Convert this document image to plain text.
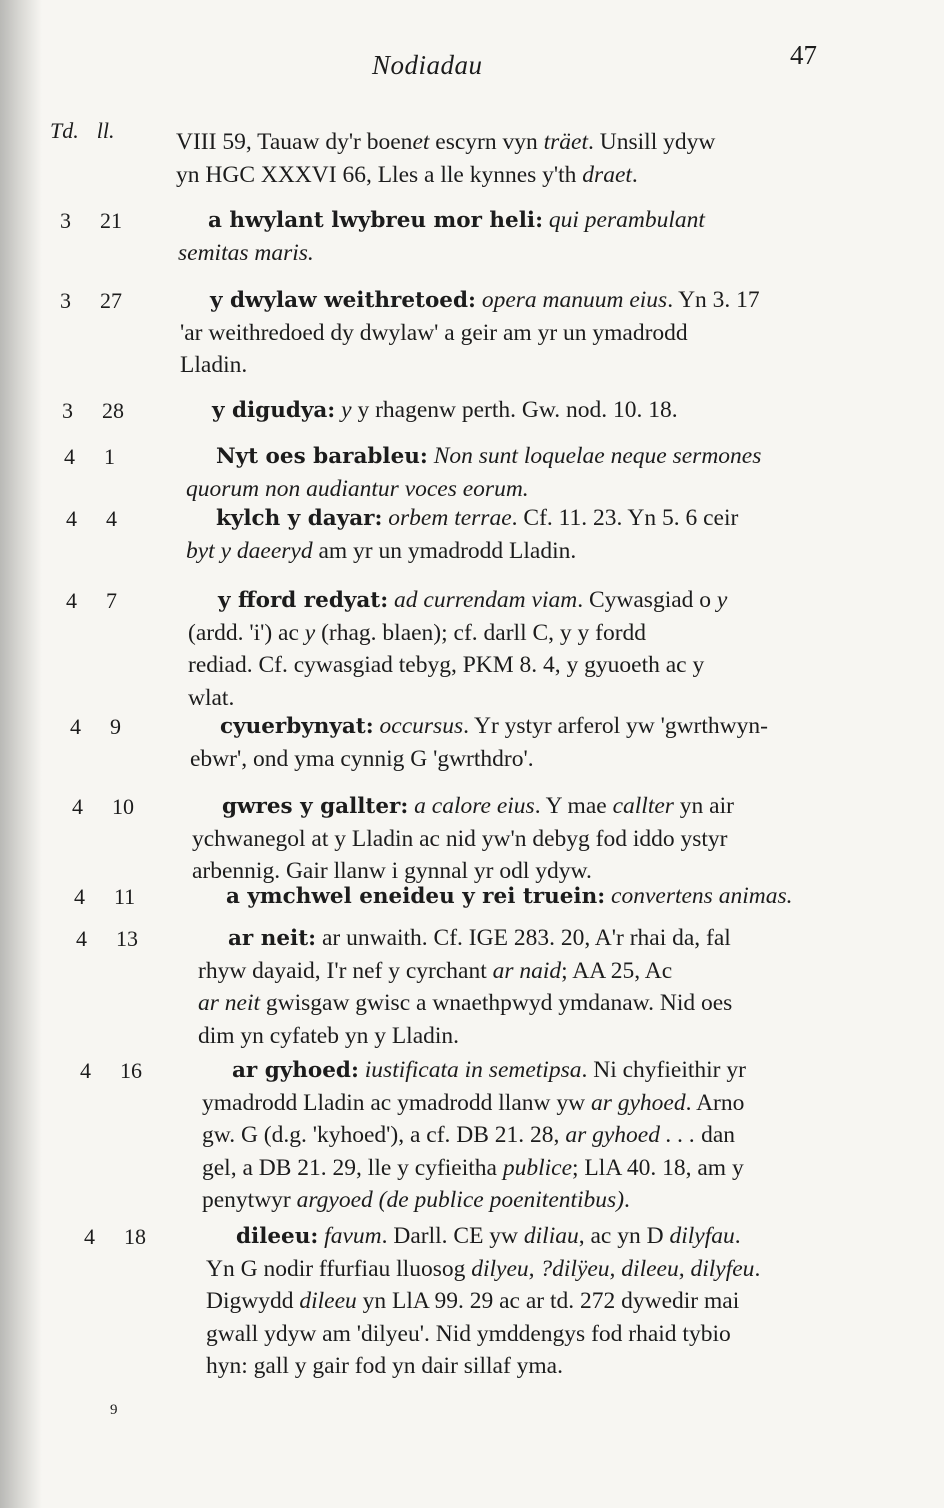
Nodiadau	47
Td. ll.	VIII 59, Tauaw dy'r boenet escyrn vyn träet. Unsill ydyw
yn HGC XXXVI 66, Lles a lle kynnes y'th draet.
3 21	a hwylant lwybreu mor heli: qui perambulant
semitas maris.
3 27	y dwylaw weithretoed: opera manuum eius. Yn 3. 17
'ar weithredoed dy dwylaw' a geir am yr un ymadrodd
Lladin.
3 28	y digudya: y y rhagenw perth. Gw. nod. 10. 18.
4 1	Nyt oes barableu: Non sunt loquelae neque sermones
quorum non audiantur voces eorum.
4 4	kylch y dayar: orbem terrae. Cf. 11. 23. Yn 5. 6 ceir
byt y daeeryd am yr un ymadrodd Lladin.
4 7	y fford redyat: ad currendam viam. Cywasgiad o y
(ardd. 'i') ac y (rhag. blaen); cf. darll C, y y fordd
rediad. Cf. cywasgiad tebyg, PKM 8. 4, y gyuoeth ac y
wlat.
4 9	cyuerbynyat: occursus. Yr ystyr arferol yw 'gwrthwyn-
ebwr', ond yma cynnig G 'gwrthdro'.
4 10	gwres y gallter: a calore eius. Y mae callter yn air
ychwanegol at y Lladin ac nid yw'n debyg fod iddo ystyr
arbennig. Gair llanw i gynnal yr odl ydyw.
4 11	a ymchwel eneideu y rei truein: convertens animas.
4 13	ar neit: ar unwaith. Cf. IGE 283. 20, A'r rhai da, fal
rhyw dayaid, I'r nef y cyrchant ar naid; AA 25, Ac
ar neit gwisgaw gwisc a wnaethpwyd ymdanaw. Nid oes
dim yn cyfateb yn y Lladin.
4 16	ar gyhoed: iustificata in semetipsa. Ni chyfieithir yr
ymadrodd Lladin ac ymadrodd llanw yw ar gyhoed. Arno
gw. G (d.g. 'kyhoed'), a cf. DB 21. 28, ar gyhoed . . . dan
gel, a DB 21. 29, lle y cyfieitha publice; LlA 40. 18, am y
penytwyr argyoed (de publice poenitentibus).
4 18	dileeu: favum. Darll. CE yw diliau, ac yn D dilyfau.
Yn G nodir ffurfiau lluosog dilyeu, ?dilÿeu, dileeu, dilyfeu.
Digwydd dileeu yn LlA 99. 29 ac ar td. 272 dywedir mai
gwall ydyw am 'dilyeu'. Nid ymddengys fod rhaid tybio
hyn: gall y gair fod yn dair sillaf yma.
9
